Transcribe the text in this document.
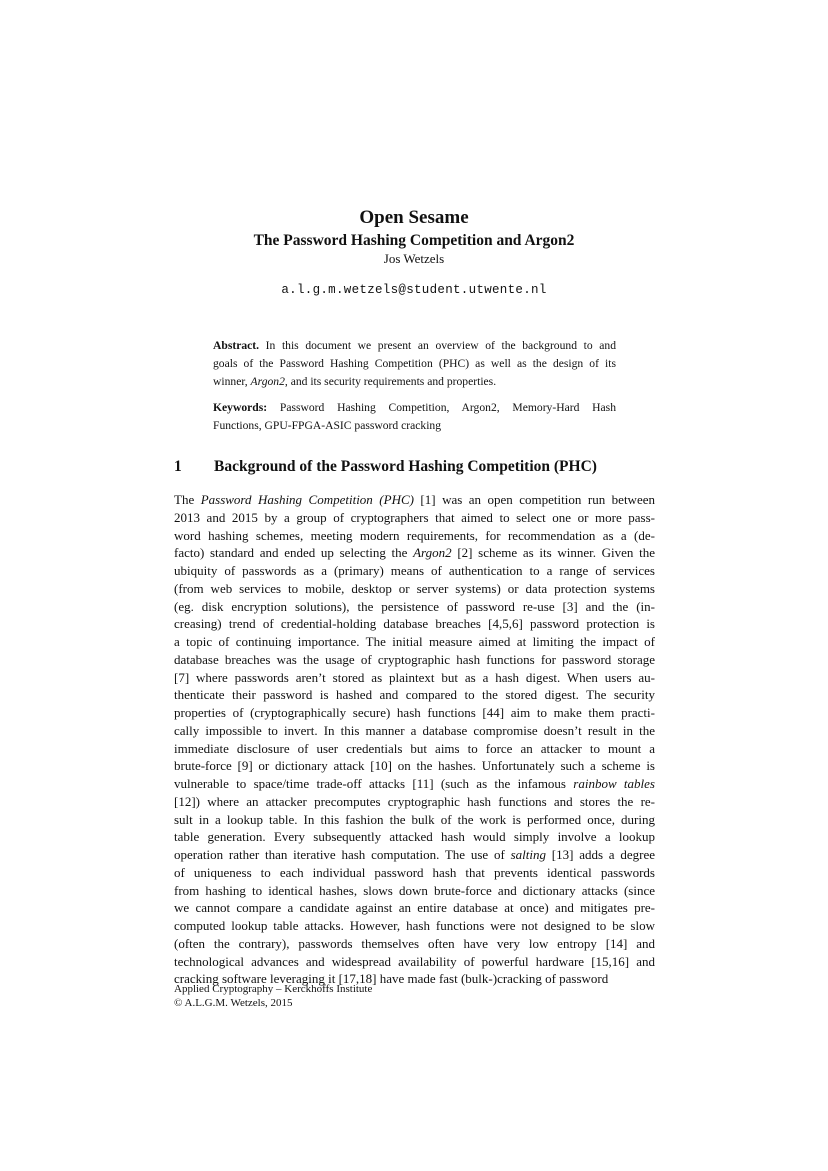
Open Sesame
The Password Hashing Competition and Argon2
Jos Wetzels
a.l.g.m.wetzels@student.utwente.nl
Abstract. In this document we present an overview of the background to and
goals of the Password Hashing Competition (PHC) as well as the design of its
winner, Argon2, and its security requirements and properties.
Keywords: Password Hashing Competition, Argon2, Memory-Hard Hash
Functions, GPU-FPGA-ASIC password cracking
1 Background of the Password Hashing Competition (PHC)
The Password Hashing Competition (PHC) [1] was an open competition run between
2013 and 2015 by a group of cryptographers that aimed to select one or more pass-
word hashing schemes, meeting modern requirements, for recommendation as a (de-
facto) standard and ended up selecting the Argon2 [2] scheme as its winner. Given the
ubiquity of passwords as a (primary) means of authentication to a range of services
(from web services to mobile, desktop or server systems) or data protection systems
(eg. disk encryption solutions), the persistence of password re-use [3] and the (in-
creasing) trend of credential-holding database breaches [4,5,6] password protection is
a topic of continuing importance. The initial measure aimed at limiting the impact of
database breaches was the usage of cryptographic hash functions for password storage
[7] where passwords aren’t stored as plaintext but as a hash digest. When users au-
thenticate their password is hashed and compared to the stored digest. The security
properties of (cryptographically secure) hash functions [44] aim to make them practi-
cally impossible to invert. In this manner a database compromise doesn’t result in the
immediate disclosure of user credentials but aims to force an attacker to mount a
brute-force [9] or dictionary attack [10] on the hashes. Unfortunately such a scheme is
vulnerable to space/time trade-off attacks [11] (such as the infamous rainbow tables
[12]) where an attacker precomputes cryptographic hash functions and stores the re-
sult in a lookup table. In this fashion the bulk of the work is performed once, during
table generation. Every subsequently attacked hash would simply involve a lookup
operation rather than iterative hash computation. The use of salting [13] adds a degree
of uniqueness to each individual password hash that prevents identical passwords
from hashing to identical hashes, slows down brute-force and dictionary attacks (since
we cannot compare a candidate against an entire database at once) and mitigates pre-
computed lookup table attacks. However, hash functions were not designed to be slow
(often the contrary), passwords themselves often have very low entropy [14] and
technological advances and widespread availability of powerful hardware [15,16] and
cracking software leveraging it [17,18] have made fast (bulk-)cracking of password
Applied Cryptography – Kerckhoffs Institute
© A.L.G.M. Wetzels, 2015
